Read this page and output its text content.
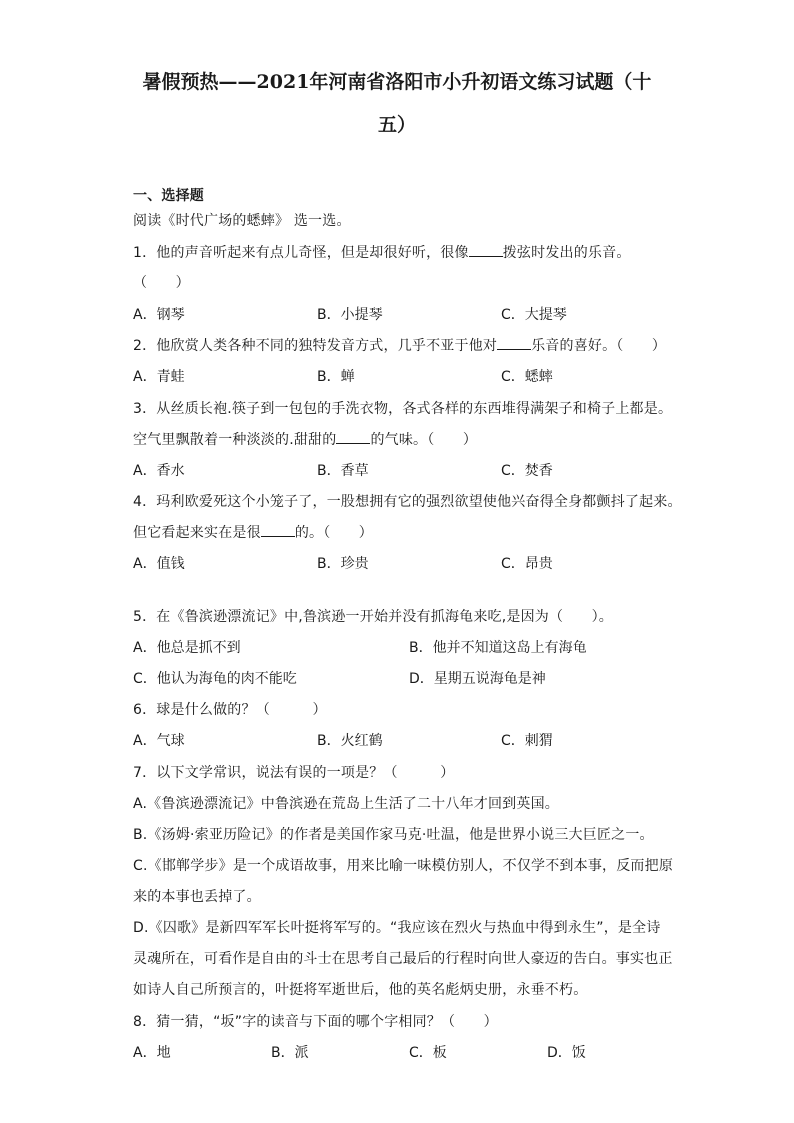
暑假预热——2021年河南省洛阳市小升初语文练习试题（十
五）
一、选择题
阅读《时代广场的蟋蟀》 选一选。
1．他的声音听起来有点儿奇怪，但是却很好听，很像 拨弦时发出的乐音。
（　　）
A．钢琴	B．小提琴	C．大提琴
2．他欣赏人类各种不同的独特发音方式，几乎不亚于他对 乐音的喜好。（　　）
A．青蛙	B．蝉	C．蟋蟀
3．从丝质长袍.筷子到一包包的手洗衣物，各式各样的东西堆得满架子和椅子上都是。
空气里飘散着一种淡淡的.甜甜的 的气味。（　　）
A．香水	B．香草	C．焚香
4．玛利欧爱死这个小笼子了，一股想拥有它的强烈欲望使他兴奋得全身都颤抖了起来。
但它看起来实在是很 的。（　　）
A．值钱	B．珍贵	C．昂贵
5．在《鲁滨逊漂流记》中,鲁滨逊一开始并没有抓海龟来吃,是因为（　　）。
A．他总是抓不到	B．他并不知道这岛上有海龟
C．他认为海龟的肉不能吃	D．星期五说海龟是神
6．球是什么做的？（　　　）
A．气球	B．火红鹤	C．刺猬
7．以下文学常识，说法有误的一项是？（　　　）
A.《鲁滨逊漂流记》中鲁滨逊在荒岛上生活了二十八年才回到英国。
B.《汤姆·索亚历险记》的作者是美国作家马克·吐温，他是世界小说三大巨匠之一。
C.《邯郸学步》是一个成语故事，用来比喻一味模仿别人，不仅学不到本事，反而把原
来的本事也丢掉了。
D.《囚歌》是新四军军长叶挺将军写的。“我应该在烈火与热血中得到永生”，是全诗
灵魂所在，可看作是自由的斗士在思考自己最后的行程时向世人豪迈的告白。事实也正
如诗人自己所预言的，叶挺将军逝世后，他的英名彪炳史册，永垂不朽。
8．猜一猜，“坂”字的读音与下面的哪个字相同？（　　）
A．地	B．派	C．板	D．饭
